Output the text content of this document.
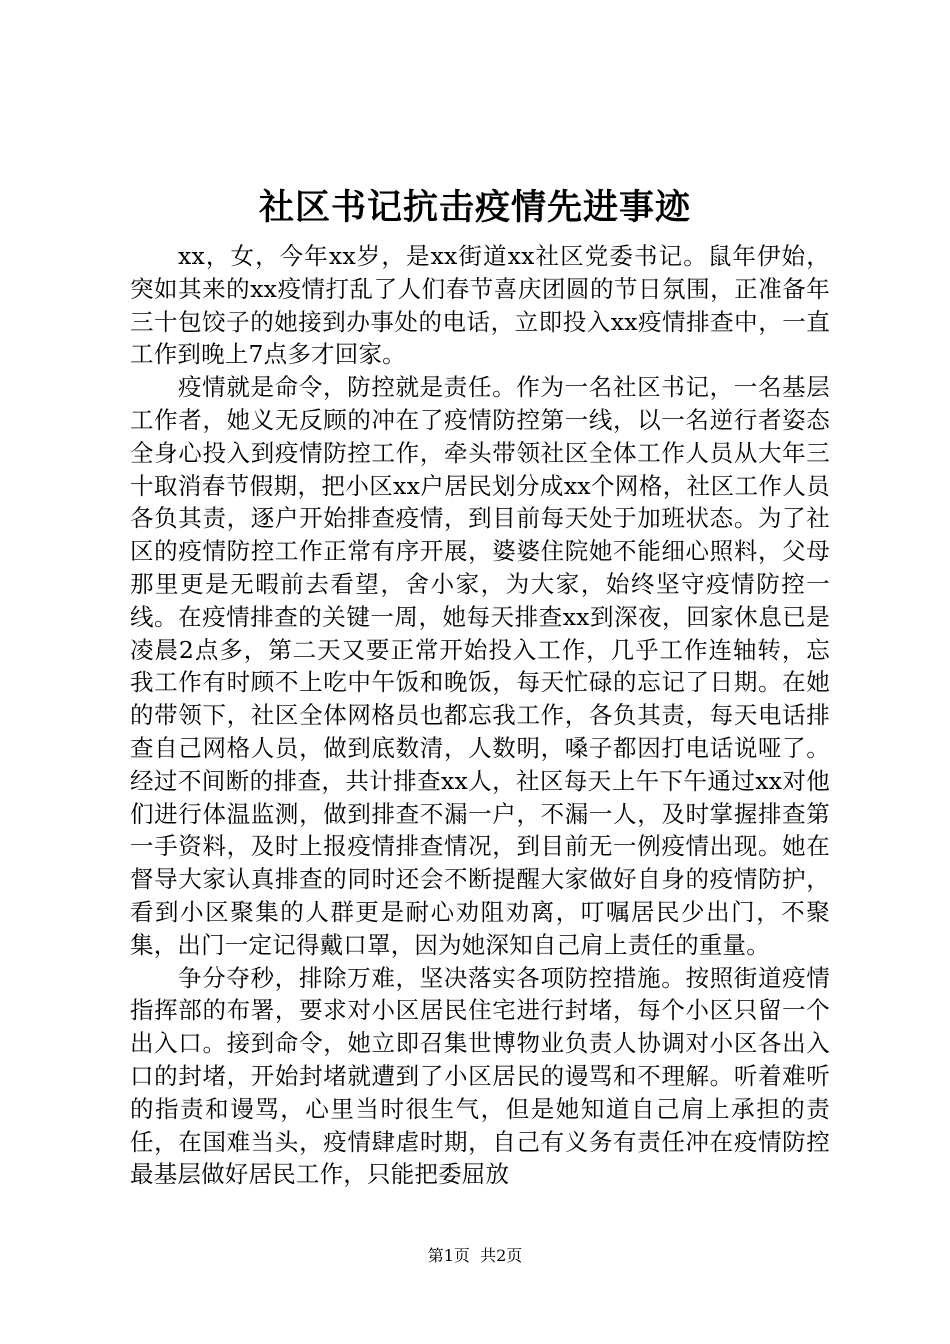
社区书记抗击疫情先进事迹

xx，女，今年xx岁，是xx街道xx社区党委书记。鼠年伊始，突如其来的xx疫情打乱了人们春节喜庆团圆的节日氛围，正准备年三十包饺子的她接到办事处的电话，立即投入xx疫情排查中，一直工作到晚上7点多才回家。

疫情就是命令，防控就是责任。作为一名社区书记，一名基层工作者，她义无反顾的冲在了疫情防控第一线，以一名逆行者姿态全身心投入到疫情防控工作，牵头带领社区全体工作人员从大年三十取消春节假期，把小区xx户居民划分成xx个网格，社区工作人员各负其责，逐户开始排查疫情，到目前每天处于加班状态。为了社区的疫情防控工作正常有序开展，婆婆住院她不能细心照料，父母那里更是无暇前去看望，舍小家，为大家，始终坚守疫情防控一线。在疫情排查的关键一周，她每天排查xx到深夜，回家休息已是凌晨2点多，第二天又要正常开始投入工作，几乎工作连轴转，忘我工作有时顾不上吃中午饭和晚饭，每天忙碌的忘记了日期。在她的带领下，社区全体网格员也都忘我工作，各负其责，每天电话排查自己网格人员，做到底数清，人数明，嗓子都因打电话说哑了。经过不间断的排查，共计排查xx人，社区每天上午下午通过xx对他们进行体温监测，做到排查不漏一户，不漏一人，及时掌握排查第一手资料，及时上报疫情排查情况，到目前无一例疫情出现。她在督导大家认真排查的同时还会不断提醒大家做好自身的疫情防护，看到小区聚集的人群更是耐心劝阻劝离，叮嘱居民少出门，不聚集，出门一定记得戴口罩，因为她深知自己肩上责任的重量。

争分夺秒，排除万难，坚决落实各项防控措施。按照街道疫情指挥部的布署，要求对小区居民住宅进行封堵，每个小区只留一个出入口。接到命令，她立即召集世博物业负责人协调对小区各出入口的封堵，开始封堵就遭到了小区居民的谩骂和不理解。听着难听的指责和谩骂，心里当时很生气，但是她知道自己肩上承担的责任，在国难当头，疫情肆虐时期，自己有义务有责任冲在疫情防控最基层做好居民工作，只能把委屈放

第1页 共2页
